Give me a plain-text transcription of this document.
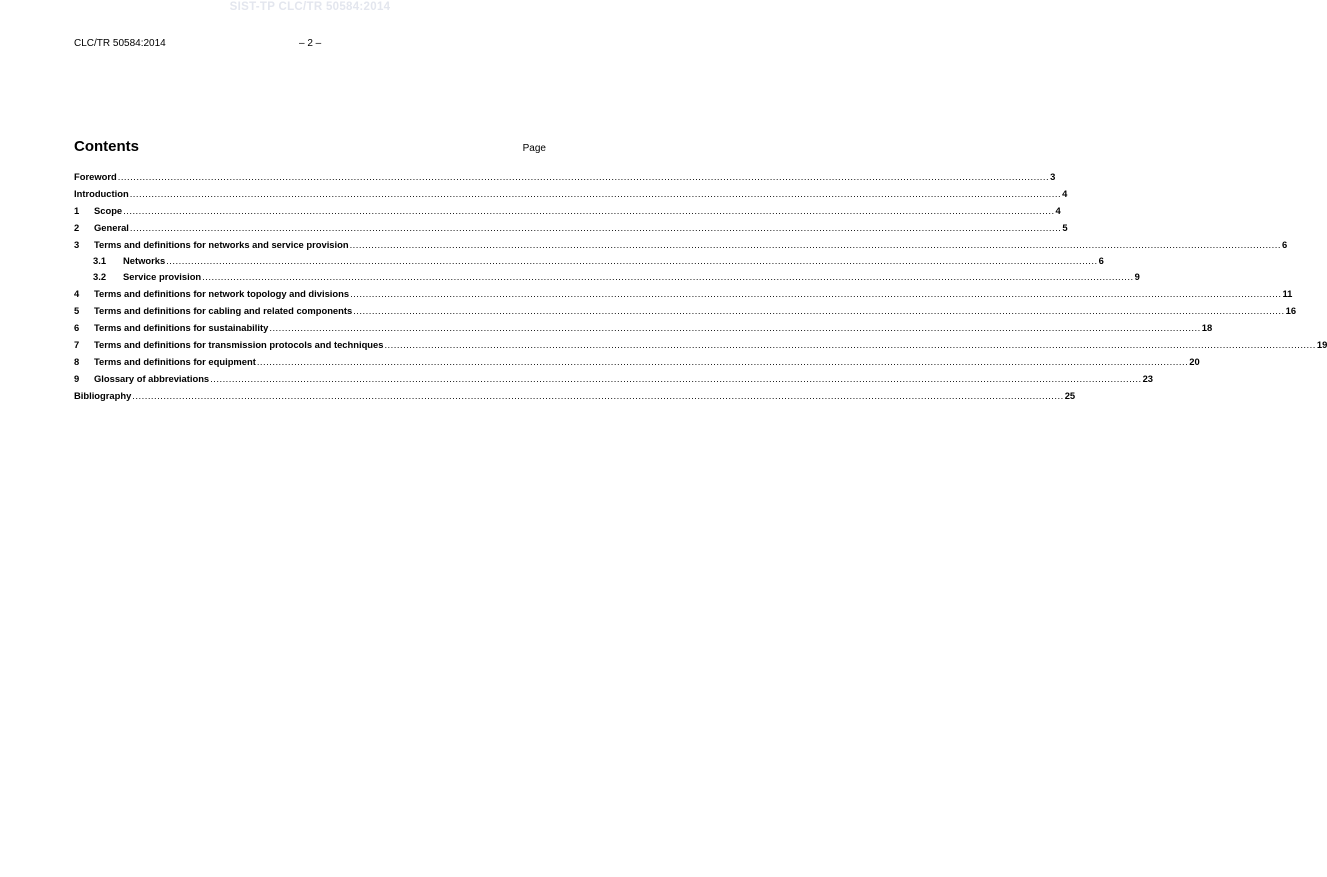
SIST-TP CLC/TR 50584:2014
CLC/TR 50584:2014	– 2 –
Contents	Page
Foreword ............................................................................................................................................................................................................................................................................................................ 3
Introduction ............................................................................................................................................................................................................................................................................................................ 4
1	Scope ............................................................................................................................................................................................................................................................................................................ 4
2	General ............................................................................................................................................................................................................................................................................................................ 5
3	Terms and definitions for networks and service provision ............................................................................................................................................................................................................................................................................................................ 6
3.1	Networks ............................................................................................................................................................................................................................................................................................................ 6
3.2	Service provision ............................................................................................................................................................................................................................................................................................................ 9
4	Terms and definitions for network topology and divisions ............................................................................................................................................................................................................................................................................................................ 11
5	Terms and definitions for cabling and related components ............................................................................................................................................................................................................................................................................................................ 16
6	Terms and definitions for sustainability ............................................................................................................................................................................................................................................................................................................ 18
7	Terms and definitions for transmission protocols and techniques ............................................................................................................................................................................................................................................................................................................ 19
8	Terms and definitions for equipment ............................................................................................................................................................................................................................................................................................................ 20
9	Glossary of abbreviations ............................................................................................................................................................................................................................................................................................................ 23
Bibliography ............................................................................................................................................................................................................................................................................................................ 25
